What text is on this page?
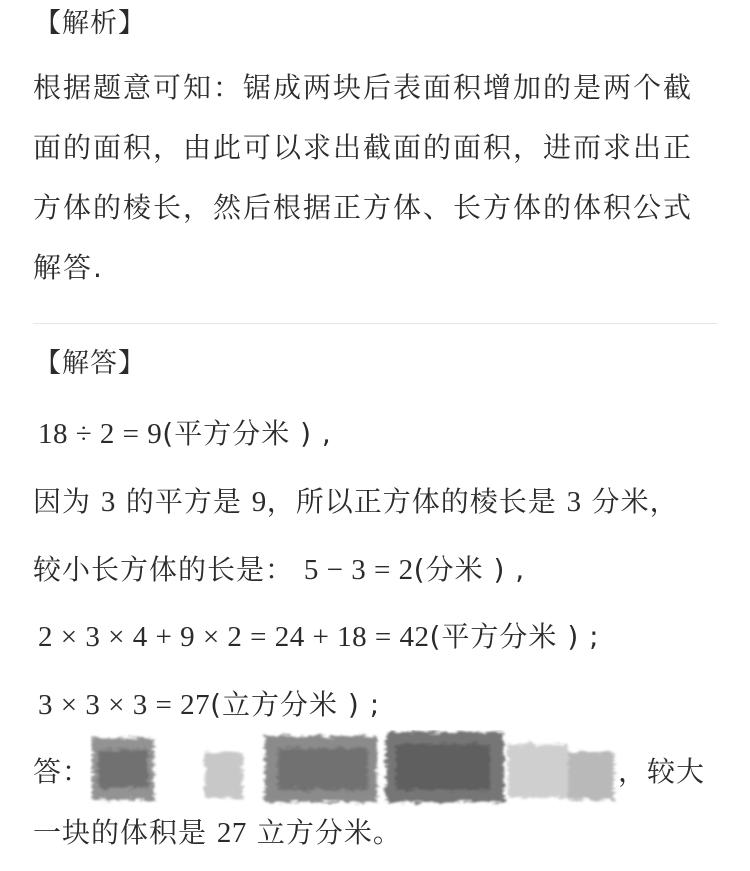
【解析】
根据题意可知：锯成两块后表面积增加的是两个截
面的面积，由此可以求出截面的面积，进而求出正
方体的棱长，然后根据正方体、长方体的体积公式
解答.
【解答】
18 ÷ 2 = 9(平方分米 ) ,
因为 3 的平方是 9，所以正方体的棱长是 3 分米，
较小长方体的长是： 5 − 3 = 2(分米 ) ,
2 × 3 × 4 + 9 × 2 = 24 + 18 = 42(平方分米 ) ;
3 × 3 × 3 = 27(立方分米 ) ;
答：	，较大
一块的体积是 27 立方分米。
